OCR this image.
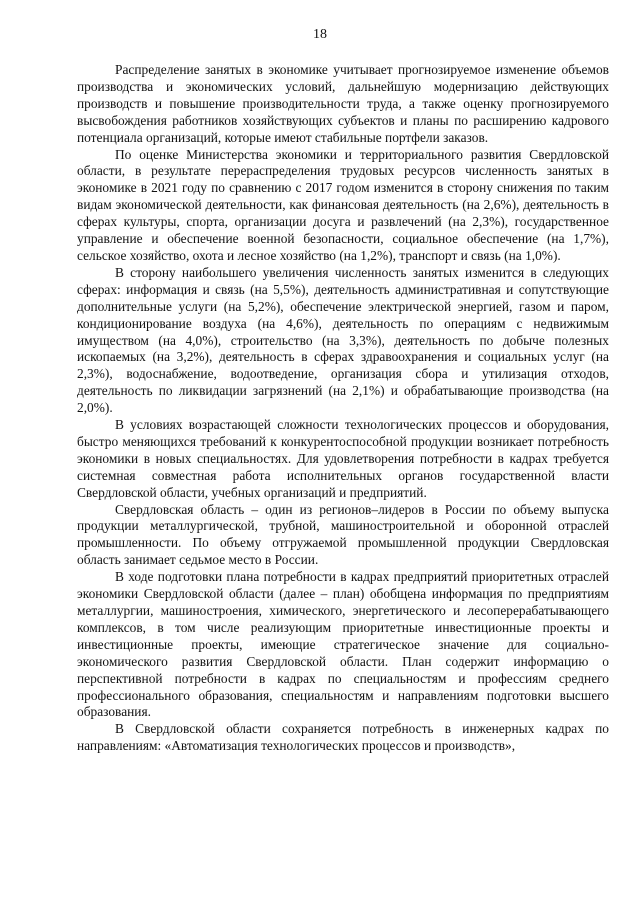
18

Распределение занятых в экономике учитывает прогнозируемое изменение объемов производства и экономических условий, дальнейшую модернизацию действующих производств и повышение производительности труда, а также оценку прогнозируемого высвобождения работников хозяйствующих субъектов и планы по расширению кадрового потенциала организаций, которые имеют стабильные портфели заказов.

По оценке Министерства экономики и территориального развития Свердловской области, в результате перераспределения трудовых ресурсов численность занятых в экономике в 2021 году по сравнению с 2017 годом изменится в сторону снижения по таким видам экономической деятельности, как финансовая деятельность (на 2,6%), деятельность в сферах культуры, спорта, организации досуга и развлечений (на 2,3%), государственное управление и обеспечение военной безопасности, социальное обеспечение (на 1,7%), сельское хозяйство, охота и лесное хозяйство (на 1,2%), транспорт и связь (на 1,0%).

В сторону наибольшего увеличения численность занятых изменится в следующих сферах: информация и связь (на 5,5%), деятельность административная и сопутствующие дополнительные услуги (на 5,2%), обеспечение электрической энергией, газом и паром, кондиционирование воздуха (на 4,6%), деятельность по операциям с недвижимым имуществом (на 4,0%), строительство (на 3,3%), деятельность по добыче полезных ископаемых (на 3,2%), деятельность в сферах здравоохранения и социальных услуг (на 2,3%), водоснабжение, водоотведение, организация сбора и утилизация отходов, деятельность по ликвидации загрязнений (на 2,1%) и обрабатывающие производства (на 2,0%).

В условиях возрастающей сложности технологических процессов и оборудования, быстро меняющихся требований к конкурентоспособной продукции возникает потребность экономики в новых специальностях. Для удовлетворения потребности в кадрах требуется системная совместная работа исполнительных органов государственной власти Свердловской области, учебных организаций и предприятий.

Свердловская область – один из регионов–лидеров в России по объему выпуска продукции металлургической, трубной, машиностроительной и оборонной отраслей промышленности. По объему отгружаемой промышленной продукции Свердловская область занимает седьмое место в России.

В ходе подготовки плана потребности в кадрах предприятий приоритетных отраслей экономики Свердловской области (далее – план) обобщена информация по предприятиям металлургии, машиностроения, химического, энергетического и лесоперерабатывающего комплексов, в том числе реализующим приоритетные инвестиционные проекты и инвестиционные проекты, имеющие стратегическое значение для социально-экономического развития Свердловской области. План содержит информацию о перспективной потребности в кадрах по специальностям и профессиям среднего профессионального образования, специальностям и направлениям подготовки высшего образования.

В Свердловской области сохраняется потребность в инженерных кадрах по направлениям: «Автоматизация технологических процессов и производств»,
